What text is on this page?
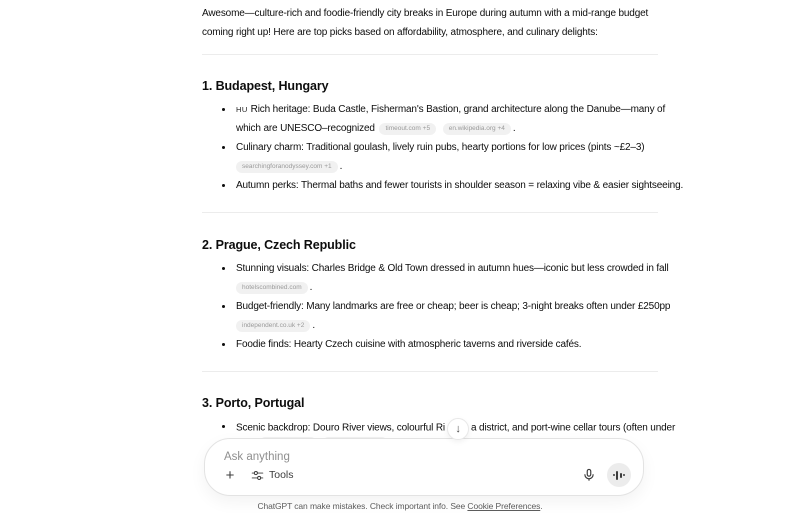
Awesome—culture-rich and foodie-friendly city breaks in Europe during autumn with a mid-range budget
coming right up! Here are top picks based on affordability, atmosphere, and culinary delights:
1. Budapest, Hungary
HU Rich heritage: Buda Castle, Fisherman's Bastion, grand architecture along the Danube—many of
which are UNESCO–recognized timeout.com +5	en.wikipedia.org +4 .
Culinary charm: Traditional goulash, lively ruin pubs, hearty portions for low prices (pints ~£2–3)
searchingforanodyssey.com +1 .
Autumn perks: Thermal baths and fewer tourists in shoulder season = relaxing vibe & easier sightseeing.
2. Prague, Czech Republic
Stunning visuals: Charles Bridge & Old Town dressed in autumn hues—iconic but less crowded in fall
hotelscombined.com .
Budget-friendly: Many landmarks are free or cheap; beer is cheap; 3-night breaks often under £250pp
independent.co.uk +2 .
Foodie finds: Hearty Czech cuisine with atmospheric taverns and riverside cafés.
3. Porto, Portugal
Scenic backdrop: Douro River views, colourful Ri ↓ a district, and port-wine cellar tours (often under

Ask anything
+	Tools
ChatGPT can make mistakes. Check important info. See Cookie Preferences.
